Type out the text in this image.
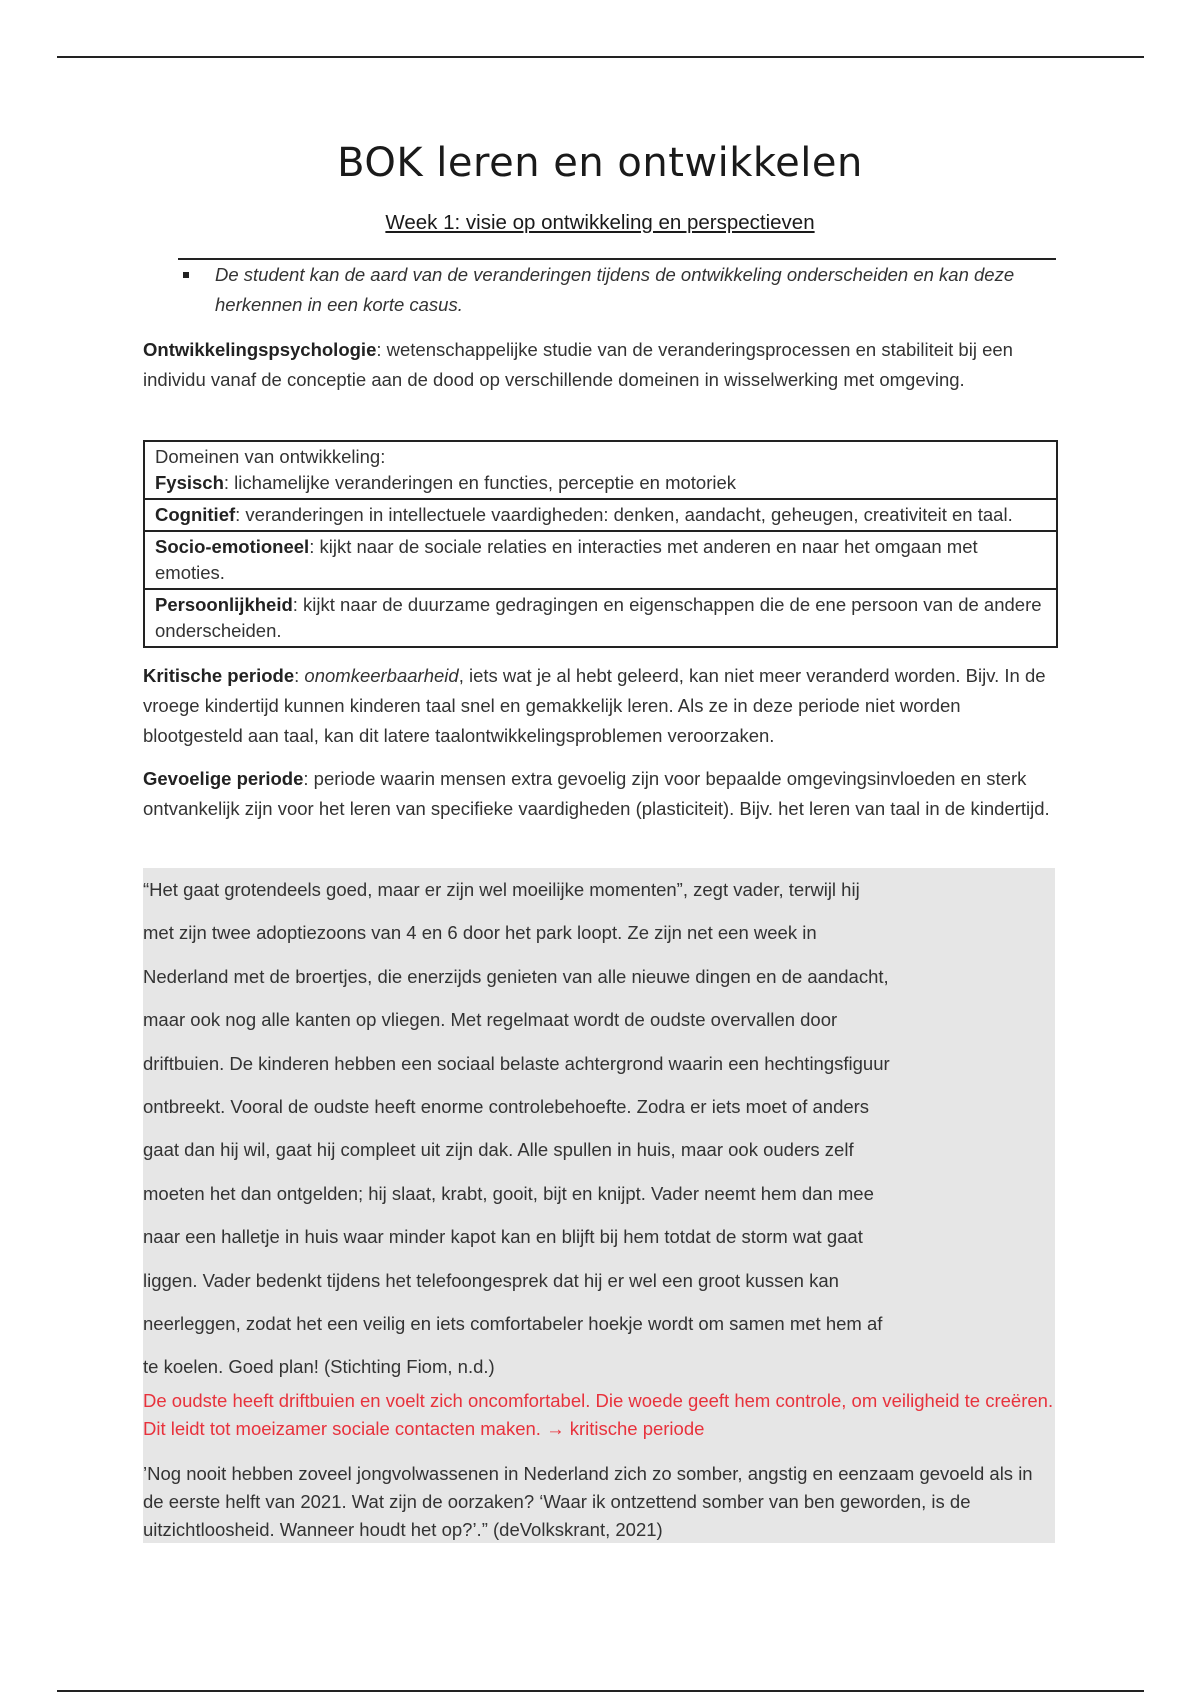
BOK leren en ontwikkelen
Week 1: visie op ontwikkeling en perspectieven
De student kan de aard van de veranderingen tijdens de ontwikkeling onderscheiden en kan deze herkennen in een korte casus.
Ontwikkelingspsychologie: wetenschappelijke studie van de veranderingsprocessen en stabiliteit bij een individu vanaf de conceptie aan de dood op verschillende domeinen in wisselwerking met omgeving.
Domeinen van ontwikkeling:
Fysisch: lichamelijke veranderingen en functies, perceptie en motoriek
Cognitief: veranderingen in intellectuele vaardigheden: denken, aandacht, geheugen, creativiteit en taal.
Socio-emotioneel: kijkt naar de sociale relaties en interacties met anderen en naar het omgaan met emoties.
Persoonlijkheid: kijkt naar de duurzame gedragingen en eigenschappen die de ene persoon van de andere onderscheiden.
Kritische periode: onomkeerbaarheid, iets wat je al hebt geleerd, kan niet meer veranderd worden. Bijv. In de vroege kindertijd kunnen kinderen taal snel en gemakkelijk leren. Als ze in deze periode niet worden blootgesteld aan taal, kan dit latere taalontwikkelingsproblemen veroorzaken.
Gevoelige periode: periode waarin mensen extra gevoelig zijn voor bepaalde omgevingsinvloeden en sterk ontvankelijk zijn voor het leren van specifieke vaardigheden (plasticiteit). Bijv. het leren van taal in de kindertijd.
“Het gaat grotendeels goed, maar er zijn wel moeilijke momenten”, zegt vader, terwijl hij
met zijn twee adoptiezoons van 4 en 6 door het park loopt. Ze zijn net een week in
Nederland met de broertjes, die enerzijds genieten van alle nieuwe dingen en de aandacht,
maar ook nog alle kanten op vliegen. Met regelmaat wordt de oudste overvallen door
driftbuien. De kinderen hebben een sociaal belaste achtergrond waarin een hechtingsfiguur
ontbreekt. Vooral de oudste heeft enorme controlebehoefte. Zodra er iets moet of anders
gaat dan hij wil, gaat hij compleet uit zijn dak. Alle spullen in huis, maar ook ouders zelf
moeten het dan ontgelden; hij slaat, krabt, gooit, bijt en knijpt. Vader neemt hem dan mee
naar een halletje in huis waar minder kapot kan en blijft bij hem totdat de storm wat gaat
liggen. Vader bedenkt tijdens het telefoongesprek dat hij er wel een groot kussen kan
neerleggen, zodat het een veilig en iets comfortabeler hoekje wordt om samen met hem af
te koelen. Goed plan! (Stichting Fiom, n.d.)
De oudste heeft driftbuien en voelt zich oncomfortabel. Die woede geeft hem controle, om veiligheid te creëren. Dit leidt tot moeizamer sociale contacten maken. → kritische periode
’Nog nooit hebben zoveel jongvolwassenen in Nederland zich zo somber, angstig en eenzaam gevoeld als in de eerste helft van 2021. Wat zijn de oorzaken? ‘Waar ik ontzettend somber van ben geworden, is de uitzichtloosheid. Wanneer houdt het op?’.” (deVolkskrant, 2021)
